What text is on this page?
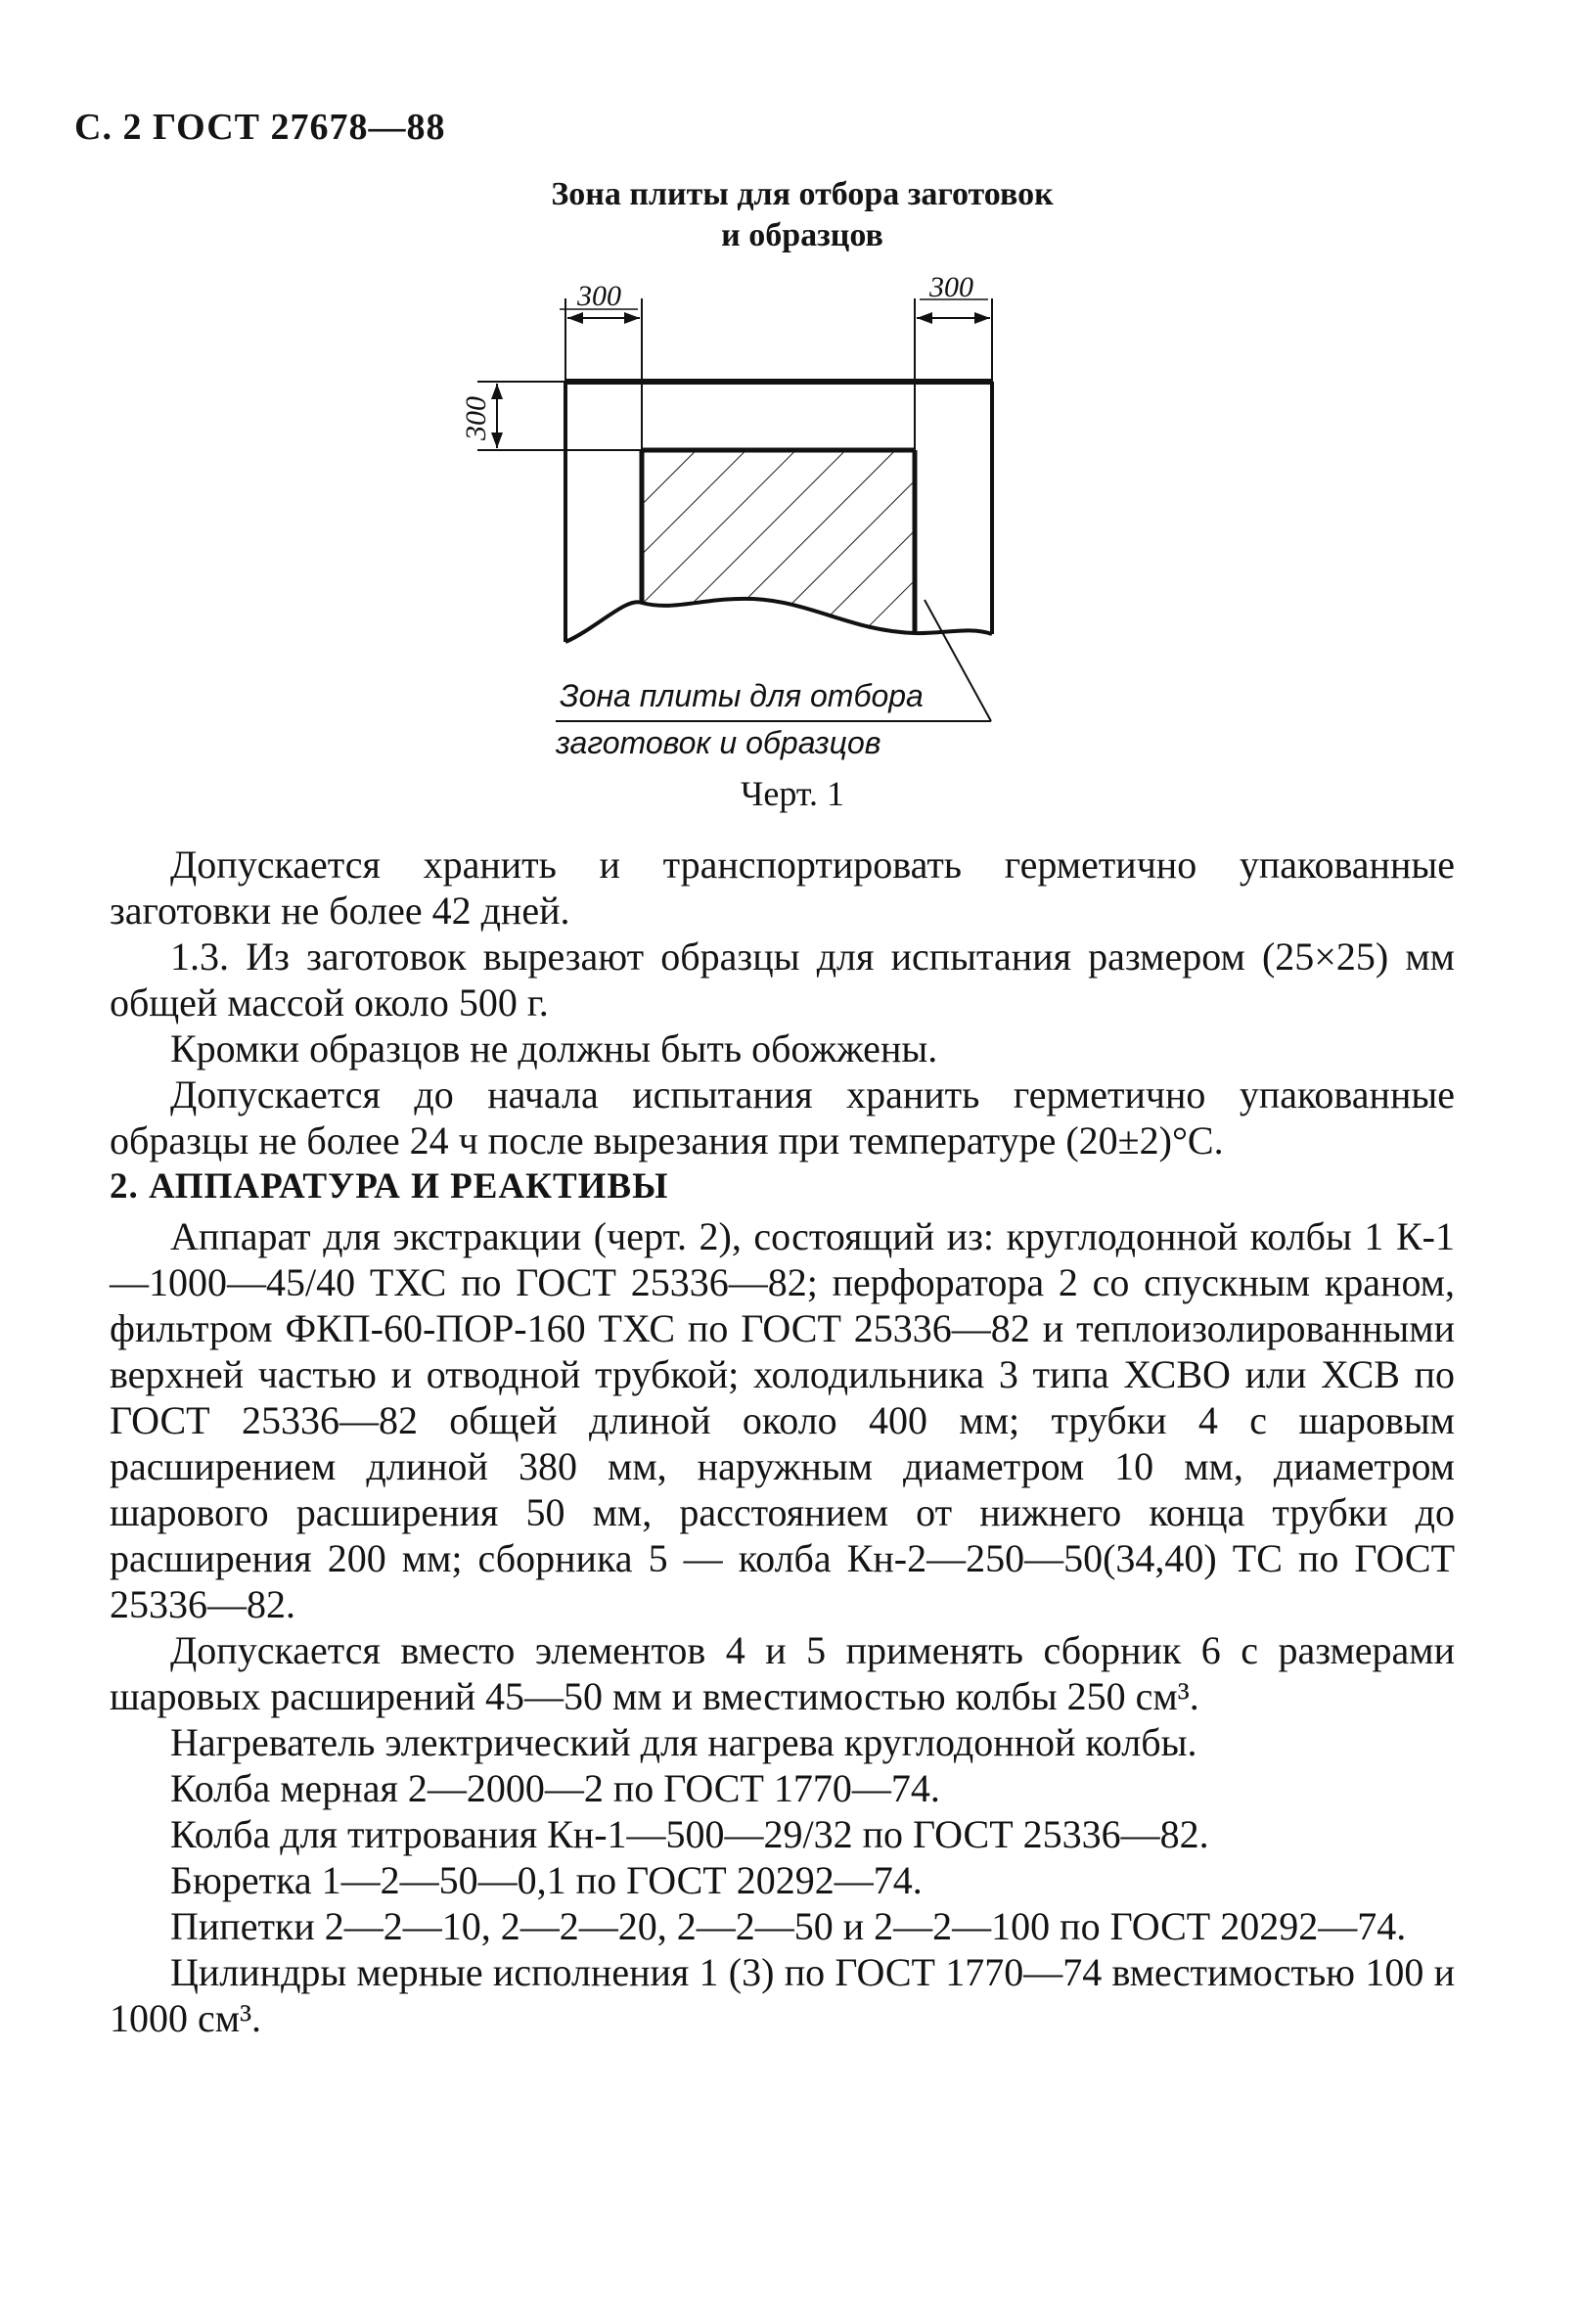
С. 2 ГОСТ 27678—88
Зона плиты для отбора заготовок
и образцов
300	300
300
Зона плиты для отбора
заготовок и образцов
Черт. 1

Допускается хранить и транспортировать герметично упакованные заготовки не более 42 дней.

1.3. Из заготовок вырезают образцы для испытания размером (25×25) мм общей массой около 500 г.

Кромки образцов не должны быть обожжены.

Допускается до начала испытания хранить герметично упакованные образцы не более 24 ч после вырезания при температуре (20±2)°С.

2. АППАРАТУРА И РЕАКТИВЫ

Аппарат для экстракции (черт. 2), состоящий из: круглодонной колбы 1 К-1—1000—45/40 ТХС по ГОСТ 25336—82; перфоратора 2 со спускным краном, фильтром ФКП-60-ПОР-160 ТХС по ГОСТ 25336—82 и теплоизолированными верхней частью и отводной трубкой; холодильника 3 типа ХСВО или ХСВ по ГОСТ 25336—82 общей длиной около 400 мм; трубки 4 с шаровым расширением длиной 380 мм, наружным диаметром 10 мм, диаметром шарового расширения 50 мм, расстоянием от нижнего конца трубки до расширения 200 мм; сборника 5 — колба Кн-2—250—50(34,40) ТС по ГОСТ 25336—82.

Допускается вместо элементов 4 и 5 применять сборник 6 с размерами шаровых расширений 45—50 мм и вместимостью колбы 250 см³.

Нагреватель электрический для нагрева круглодонной колбы.

Колба мерная 2—2000—2 по ГОСТ 1770—74.

Колба для титрования Кн-1—500—29/32 по ГОСТ 25336—82.

Бюретка 1—2—50—0,1 по ГОСТ 20292—74.

Пипетки 2—2—10, 2—2—20, 2—2—50 и 2—2—100 по ГОСТ 20292—74.

Цилиндры мерные исполнения 1 (3) по ГОСТ 1770—74 вместимостью 100 и 1000 см³.
